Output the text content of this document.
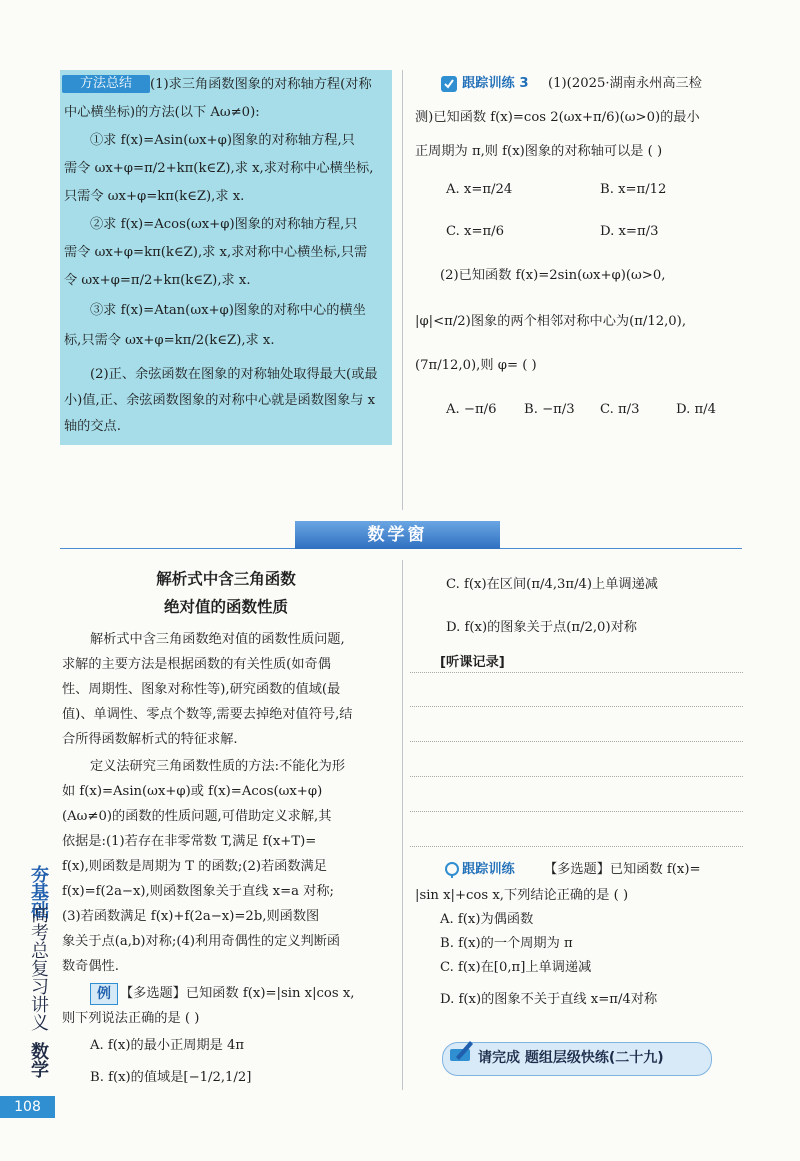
方法总结	(1)求三角函数图象的对称轴方程(对称
中心横坐标)的方法(以下 Aω≠0):
①求 f(x)=Asin(ωx+φ)图象的对称轴方程,只
需令 ωx+φ=π/2+kπ(k∈Z),求 x,求对称中心横坐标,
只需令 ωx+φ=kπ(k∈Z),求 x.
②求 f(x)=Acos(ωx+φ)图象的对称轴方程,只
需令 ωx+φ=kπ(k∈Z),求 x,求对称中心横坐标,只需
令 ωx+φ=π/2+kπ(k∈Z),求 x.
③求 f(x)=Atan(ωx+φ)图象的对称中心的横坐
标,只需令 ωx+φ=kπ/2(k∈Z),求 x.
(2)正、余弦函数在图象的对称轴处取得最大(或最
小)值,正、余弦函数图象的对称中心就是函数图象与 x
轴的交点.
跟踪训练 3 (1)(2025·湖南永州高三检
测)已知函数 f(x)=cos 2(ωx+π/6)(ω>0)的最小
正周期为 π,则 f(x)图象的对称轴可以是 ( )
A. x=π/24	B. x=π/12
C. x=π/6	D. x=π/3
(2)已知函数 f(x)=2sin(ωx+φ)(ω>0,
|φ|<π/2)图象的两个相邻对称中心为(π/12,0),
(7π/12,0),则 φ= ( )
A. −π/6 B. −π/3 C. π/3	D. π/4
数学窗
解析式中含三角函数
绝对值的函数性质
解析式中含三角函数绝对值的函数性质问题,
求解的主要方法是根据函数的有关性质(如奇偶
性、周期性、图象对称性等),研究函数的值域(最
值)、单调性、零点个数等,需要去掉绝对值符号,结
合所得函数解析式的特征求解.
定义法研究三角函数性质的方法:不能化为形
如 f(x)=Asin(ωx+φ)或 f(x)=Acos(ωx+φ)
(Aω≠0)的函数的性质问题,可借助定义求解,其
依据是:(1)若存在非零常数 T,满足 f(x+T)=
f(x),则函数是周期为 T 的函数;(2)若函数满足
f(x)=f(2a−x),则函数图象关于直线 x=a 对称;
(3)若函数满足 f(x)+f(2a−x)=2b,则函数图
象关于点(a,b)对称;(4)利用奇偶性的定义判断函
数奇偶性.
例 【多选题】已知函数 f(x)=|sin x|cos x,
则下列说法正确的是 ( )
A. f(x)的最小正周期是 4π
B. f(x)的值域是[−1/2,1/2]
C. f(x)在区间(π/4,3π/4)上单调递减
D. f(x)的图象关于点(π/2,0)对称
[听课记录]
跟踪训练 【多选题】已知函数 f(x)=
|sin x|+cos x,下列结论正确的是 ( )
A. f(x)为偶函数
B. f(x)的一个周期为 π
C. f(x)在[0,π]上单调递减
D. f(x)的图象不关于直线 x=π/4对称
请完成 题组层级快练(二十九)
夯基础
高考总复习讲义
数学
108
